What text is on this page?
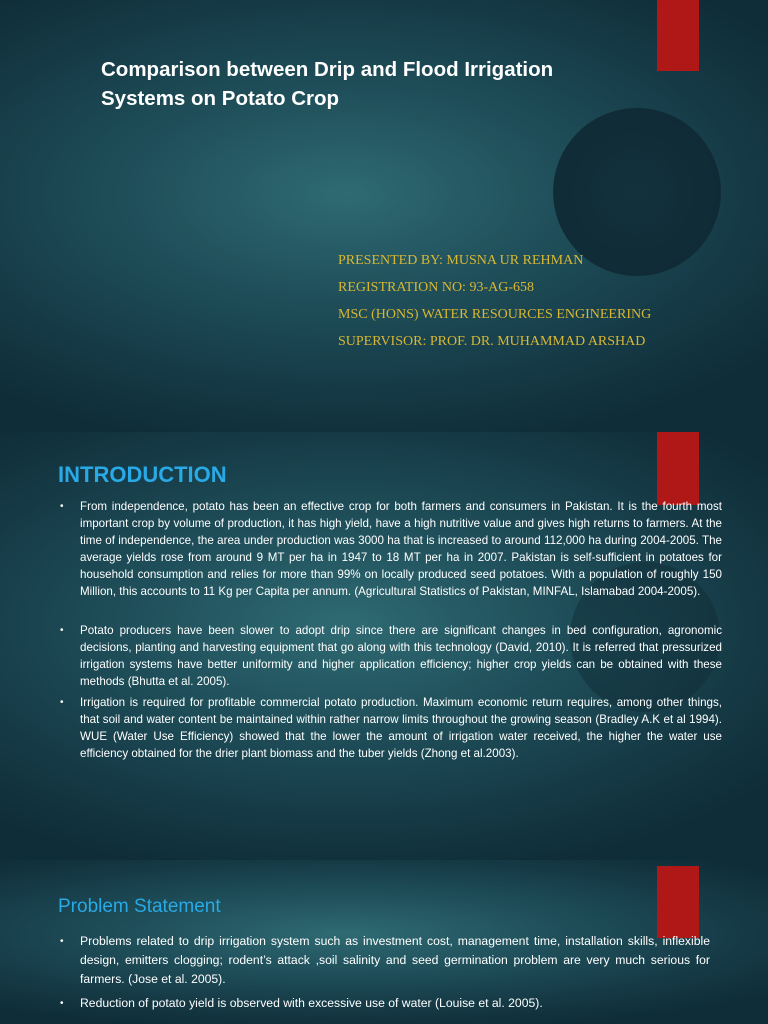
Comparison between Drip and Flood Irrigation Systems on Potato Crop

PRESENTED BY: MUSNA UR REHMAN

REGISTRATION NO: 93-AG-658

MSC (HONS) WATER RESOURCES ENGINEERING

SUPERVISOR: PROF. DR. MUHAMMAD ARSHAD

INTRODUCTION
• From independence, potato has been an effective crop for both farmers and consumers in Pakistan. It is the fourth most important crop by volume of production, it has high yield, have a high nutritive value and gives high returns to farmers. At the time of independence, the area under production was 3000 ha that is increased to around 112,000 ha during 2004-2005. The average yields rose from around 9 MT per ha in 1947 to 18 MT per ha in 2007. Pakistan is self-sufficient in potatoes for household consumption and relies for more than 99% on locally produced seed potatoes. With a population of roughly 150 Million, this accounts to 11 Kg per Capita per annum. (Agricultural Statistics of Pakistan, MINFAL, Islamabad 2004-2005).
• Potato producers have been slower to adopt drip since there are significant changes in bed configuration, agronomic decisions, planting and harvesting equipment that go along with this technology (David, 2010). It is referred that pressurized irrigation systems have better uniformity and higher application efficiency; higher crop yields can be obtained with these methods (Bhutta et al. 2005).
• Irrigation is required for profitable commercial potato production. Maximum economic return requires, among other things, that soil and water content be maintained within rather narrow limits throughout the growing season (Bradley A.K et al 1994). WUE (Water Use Efficiency) showed that the lower the amount of irrigation water received, the higher the water use efficiency obtained for the drier plant biomass and the tuber yields (Zhong et al.2003).
Problem Statement
• Problems related to drip irrigation system such as investment cost, management time, installation skills, inflexible design, emitters clogging; rodent’s attack ,soil salinity and seed germination problem are very much serious for farmers. (Jose et al. 2005).
• Reduction of potato yield is observed with excessive use of water (Louise et al. 2005).
